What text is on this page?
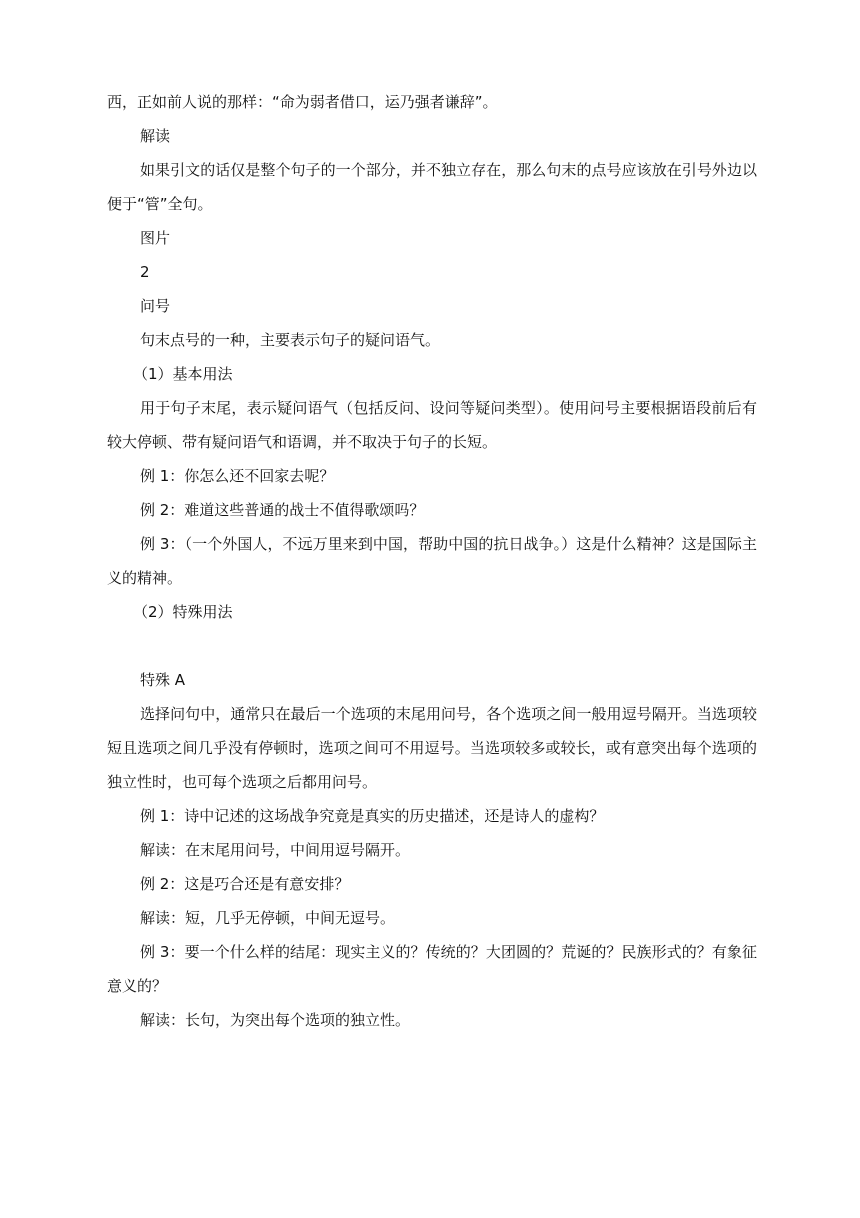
西，正如前人说的那样：“命为弱者借口，运乃强者谦辞”。

解读

如果引文的话仅是整个句子的一个部分，并不独立存在，那么句末的点号应该放在引号外边以便于“管”全句。

图片

2

问号

句末点号的一种，主要表示句子的疑问语气。

（1）基本用法

用于句子末尾，表示疑问语气（包括反问、设问等疑问类型）。使用问号主要根据语段前后有较大停顿、带有疑问语气和语调，并不取决于句子的长短。

例 1：你怎么还不回家去呢？

例 2：难道这些普通的战士不值得歌颂吗？

例 3：（一个外国人，不远万里来到中国，帮助中国的抗日战争。）这是什么精神？这是国际主义的精神。

（2）特殊用法

特殊 A

选择问句中，通常只在最后一个选项的末尾用问号，各个选项之间一般用逗号隔开。当选项较短且选项之间几乎没有停顿时，选项之间可不用逗号。当选项较多或较长，或有意突出每个选项的独立性时，也可每个选项之后都用问号。

例 1：诗中记述的这场战争究竟是真实的历史描述，还是诗人的虚构？

解读：在末尾用问号，中间用逗号隔开。

例 2：这是巧合还是有意安排？

解读：短，几乎无停顿，中间无逗号。

例 3：要一个什么样的结尾：现实主义的？传统的？大团圆的？荒诞的？民族形式的？有象征意义的？

解读：长句，为突出每个选项的独立性。
